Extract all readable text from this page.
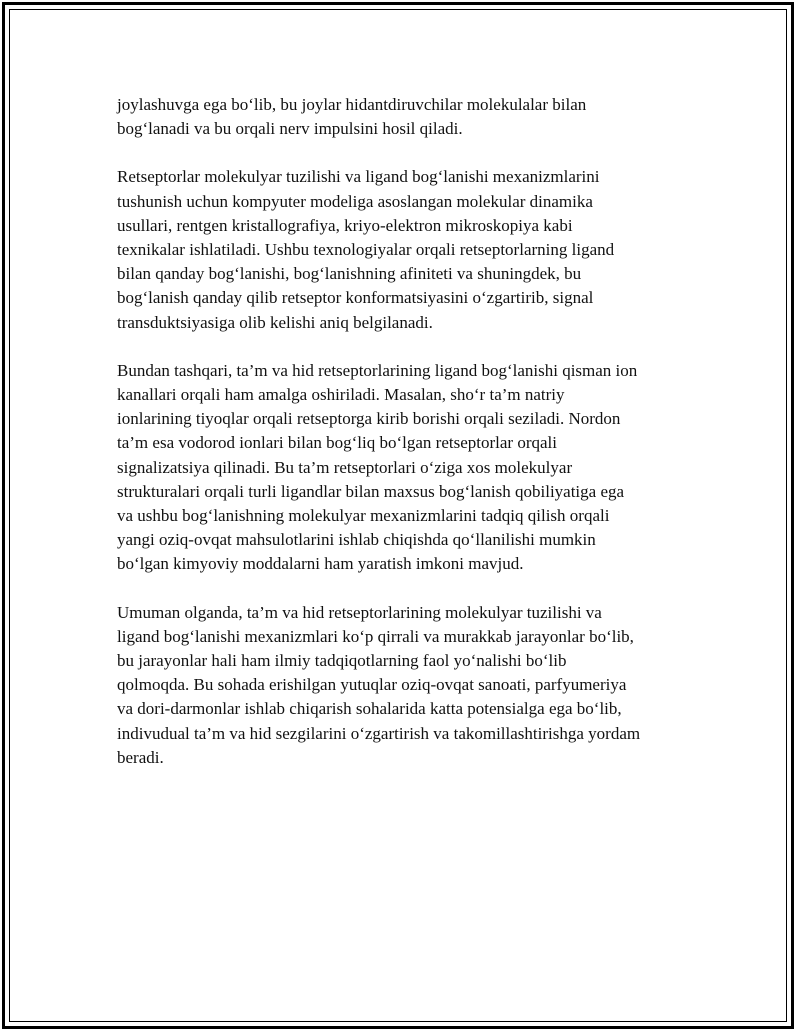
joylashuvga ega bo‘lib, bu joylar hidantdiruvchilar molekulalar bilan
bog‘lanadi va bu orqali nerv impulsini hosil qiladi.

Retseptorlar molekulyar tuzilishi va ligand bog‘lanishi mexanizmlarini
tushunish uchun kompyuter modeliga asoslangan molekular dinamika
usullari, rentgen kristallografiya, kriyo-elektron mikroskopiya kabi
texnikalar ishlatiladi. Ushbu texnologiyalar orqali retseptorlarning ligand
bilan qanday bog‘lanishi, bog‘lanishning afiniteti va shuningdek, bu
bog‘lanish qanday qilib retseptor konformatsiyasini o‘zgartirib, signal
transduktsiyasiga olib kelishi aniq belgilanadi.

Bundan tashqari, ta’m va hid retseptorlarining ligand bog‘lanishi qisman ion
kanallari orqali ham amalga oshiriladi. Masalan, sho‘r ta’m natriy
ionlarining tiyoqlar orqali retseptorga kirib borishi orqali seziladi. Nordon
ta’m esa vodorod ionlari bilan bog‘liq bo‘lgan retseptorlar orqali
signalizatsiya qilinadi. Bu ta’m retseptorlari o‘ziga xos molekulyar
strukturalari orqali turli ligandlar bilan maxsus bog‘lanish qobiliyatiga ega
va ushbu bog‘lanishning molekulyar mexanizmlarini tadqiq qilish orqali
yangi oziq-ovqat mahsulotlarini ishlab chiqishda qo‘llanilishi mumkin
bo‘lgan kimyoviy moddalarni ham yaratish imkoni mavjud.

Umuman olganda, ta’m va hid retseptorlarining molekulyar tuzilishi va
ligand bog‘lanishi mexanizmlari ko‘p qirrali va murakkab jarayonlar bo‘lib,
bu jarayonlar hali ham ilmiy tadqiqotlarning faol yo‘nalishi bo‘lib
qolmoqda. Bu sohada erishilgan yutuqlar oziq-ovqat sanoati, parfyumeriya
va dori-darmonlar ishlab chiqarish sohalarida katta potensialga ega bo‘lib,
indivudual ta’m va hid sezgilarini o‘zgartirish va takomillashtirishga yordam
beradi.
